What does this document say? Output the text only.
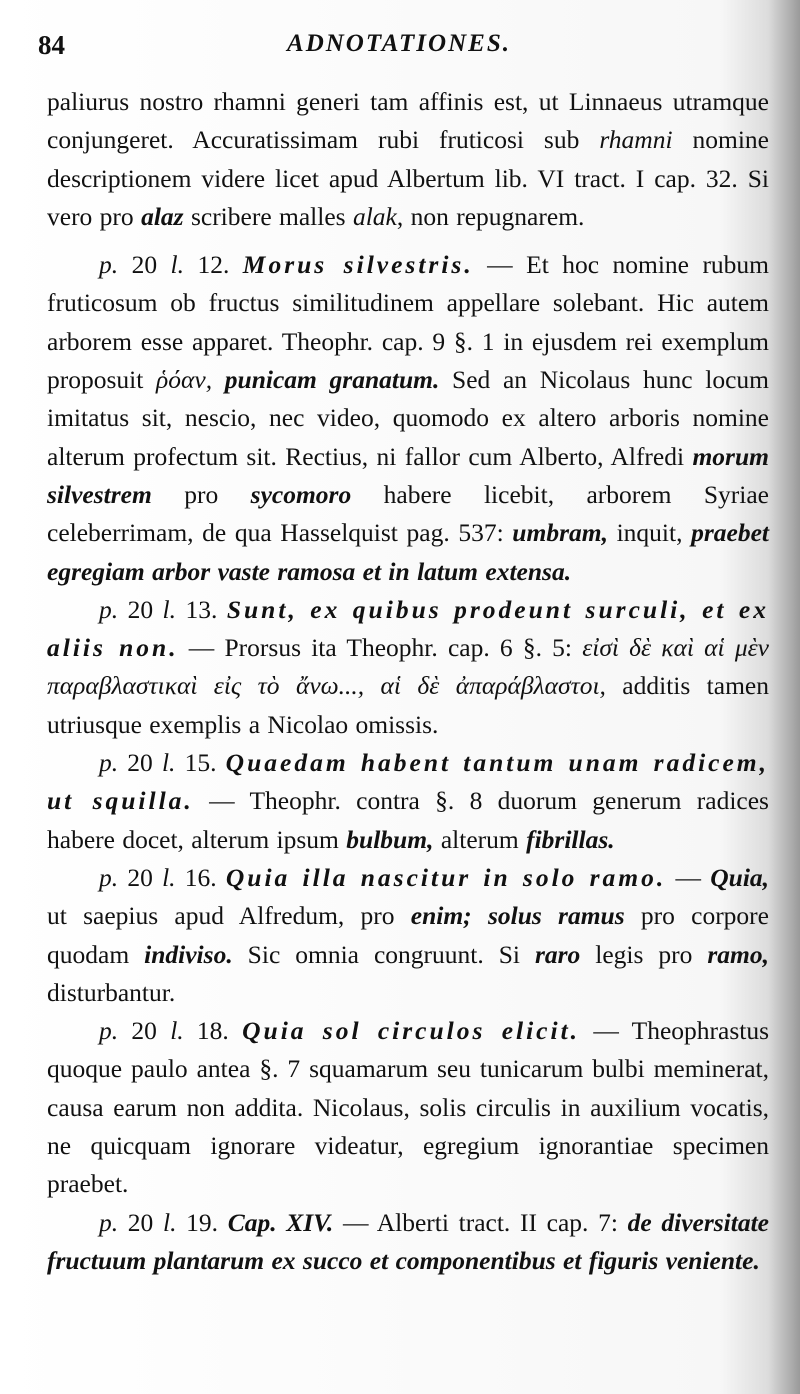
84	ADNOTATIONES.

paliurus nostro rhamni generi tam affinis est, ut Linnaeus utramque conjungeret. Accuratissimam rubi fruticosi sub rhamni nomine descriptionem videre licet apud Albertum lib. VI tract. I cap. 32. Si vero pro alaz scribere malles alak, non repugnarem.

p. 20 l. 12. Morus silvestris. — Et hoc nomine rubum fruticosum ob fructus similitudinem appellare solebant. Hic autem arborem esse apparet. Theophr. cap. 9 §. 1 in ejusdem rei exemplum proposuit ῥόαν, punicam granatum. Sed an Nicolaus hunc locum imitatus sit, nescio, nec video, quomodo ex altero arboris nomine alterum profectum sit. Rectius, ni fallor cum Alberto, Alfredi morum silvestrem pro sycomoro habere licebit, arborem Syriae celeberrimam, de qua Hasselquist pag. 537: umbram, inquit, praebet egregiam arbor vaste ramosa et in latum extensa.

p. 20 l. 13. Sunt, ex quibus prodeunt surculi, et ex aliis non. — Prorsus ita Theophr. cap. 6 §. 5: εἰσὶ δὲ καὶ αἱ μὲν παραβλαστικαὶ εἰς τὸ ἄνω..., αἱ δὲ ἀπαράβλαστοι, additis tamen utriusque exemplis a Nicolao omissis.

p. 20 l. 15. Quaedam habent tantum unam radicem, ut squilla. — Theophr. contra §. 8 duorum generum radices habere docet, alterum ipsum bulbum, alterum fibrillas.

p. 20 l. 16. Quia illa nascitur in solo ramo. — Quia, ut saepius apud Alfredum, pro enim; solus ramus pro corpore quodam indiviso. Sic omnia congruunt. Si raro legis pro ramo, disturbantur.

p. 20 l. 18. Quia sol circulos elicit. — Theophrastus quoque paulo antea §. 7 squamarum seu tunicarum bulbi meminerat, causa earum non addita. Nicolaus, solis circulis in auxilium vocatis, ne quicquam ignorare videatur, egregium ignorantiae specimen praebet.

p. 20 l. 19. Cap. XIV. — Alberti tract. II cap. 7: de diversitate fructuum plantarum ex succo et componentibus et figuris veniente.
